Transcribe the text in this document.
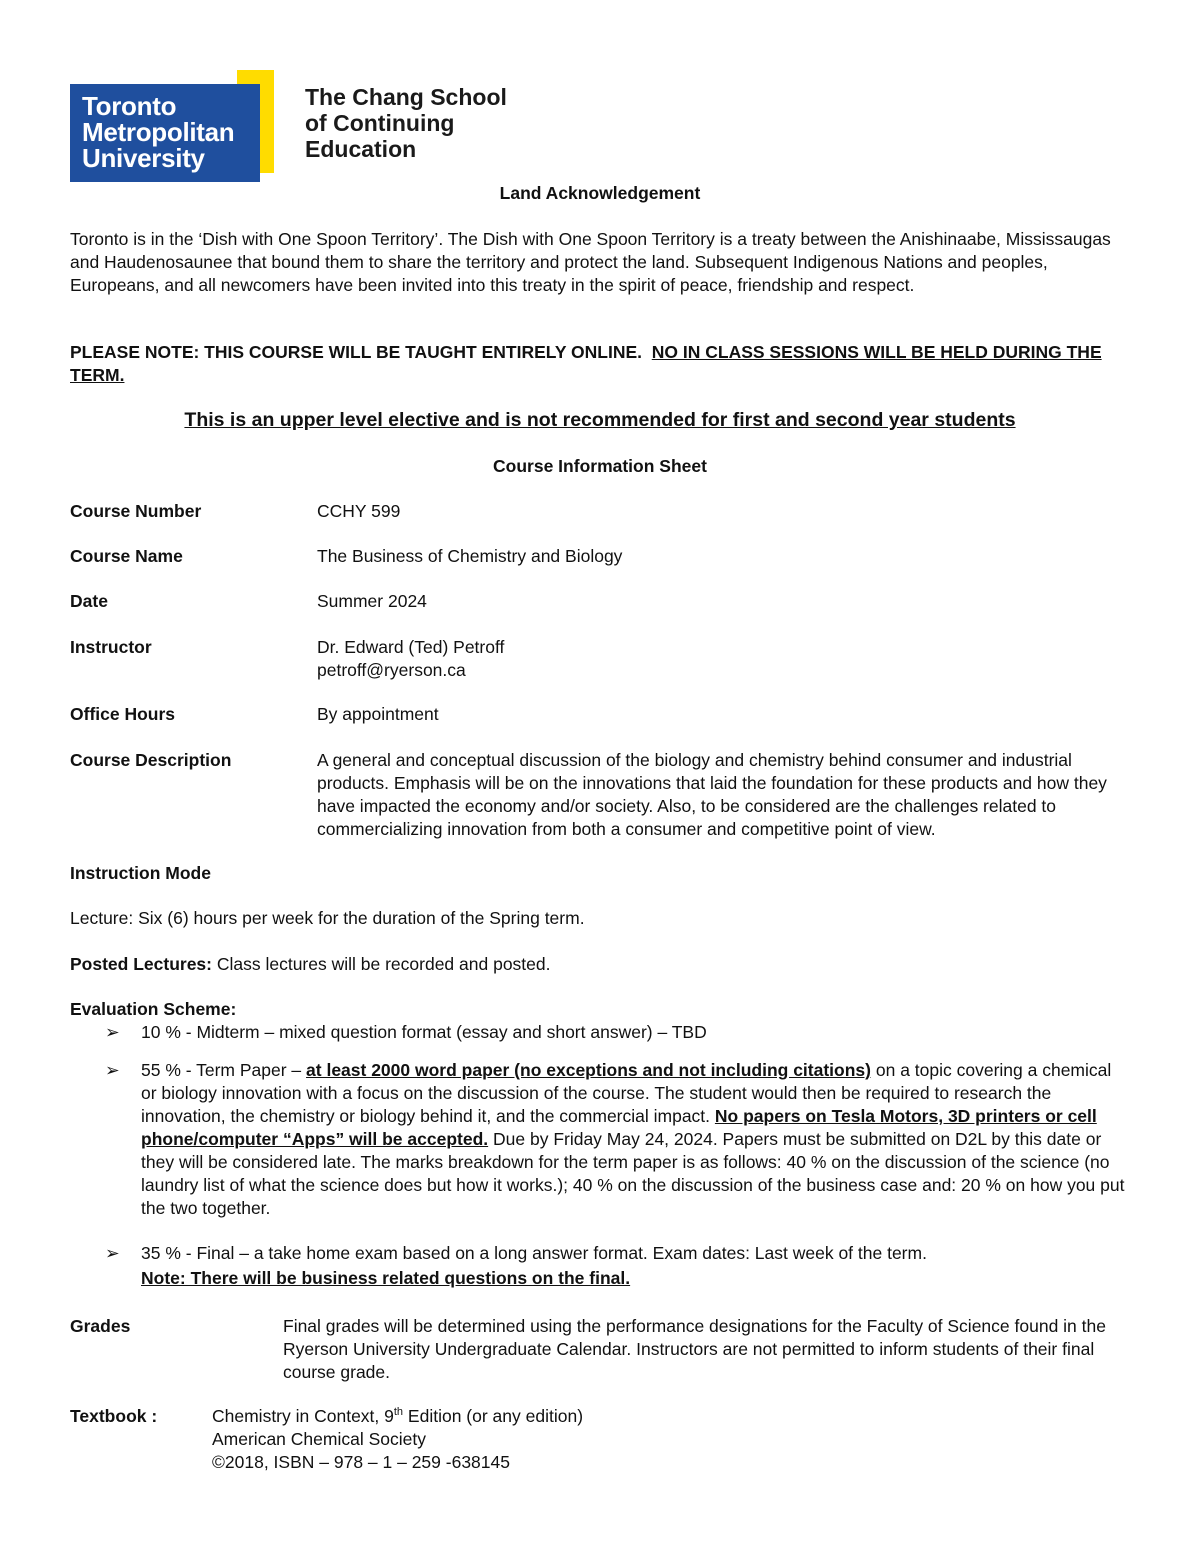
Toronto
Metropolitan
University
The Chang School
of Continuing
Education
Land Acknowledgement

Toronto is in the ‘Dish with One Spoon Territory’. The Dish with One Spoon Territory is a treaty between the Anishinaabe, Mississaugas and Haudenosaunee that bound them to share the territory and protect the land. Subsequent Indigenous Nations and peoples, Europeans, and all newcomers have been invited into this treaty in the spirit of peace, friendship and respect.

PLEASE NOTE: THIS COURSE WILL BE TAUGHT ENTIRELY ONLINE. NO IN CLASS SESSIONS WILL BE HELD DURING THE TERM.

This is an upper level elective and is not recommended for first and second year students
Course Information Sheet
Course Number	CCHY 599
Course Name	The Business of Chemistry and Biology
Date	Summer 2024
Instructor	Dr. Edward (Ted) Petroff
petroff@ryerson.ca
Office Hours	By appointment
Course Description	A general and conceptual discussion of the biology and chemistry behind consumer and industrial products. Emphasis will be on the innovations that laid the foundation for these products and how they have impacted the economy and/or society. Also, to be considered are the challenges related to commercializing innovation from both a consumer and competitive point of view.

Instruction Mode

Lecture: Six (6) hours per week for the duration of the Spring term.

Posted Lectures: Class lectures will be recorded and posted.

Evaluation Scheme:
➢ 10 % - Midterm – mixed question format (essay and short answer) – TBD

➢ 55 % - Term Paper – at least 2000 word paper (no exceptions and not including citations) on a topic covering a chemical or biology innovation with a focus on the discussion of the course. The student would then be required to research the innovation, the chemistry or biology behind it, and the commercial impact. No papers on Tesla Motors, 3D printers or cell phone/computer “Apps” will be accepted. Due by Friday May 24, 2024. Papers must be submitted on D2L by this date or they will be considered late. The marks breakdown for the term paper is as follows: 40 % on the discussion of the science (no laundry list of what the science does but how it works.); 40 % on the discussion of the business case and: 20 % on how you put the two together.

➢ 35 % - Final – a take home exam based on a long answer format. Exam dates: Last week of the term.

Note: There will be business related questions on the final.

Grades	Final grades will be determined using the performance designations for the Faculty of Science found in the Ryerson University Undergraduate Calendar. Instructors are not permitted to inform students of their final course grade.

Textbook :	Chemistry in Context, 9th Edition (or any edition)

American Chemical Society

©2018, ISBN – 978 – 1 – 259 -638145
